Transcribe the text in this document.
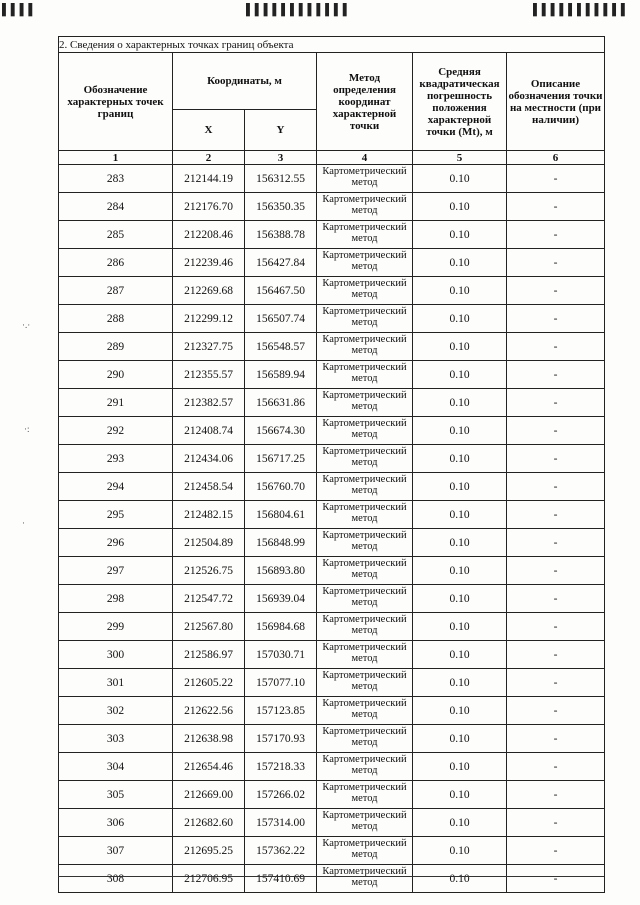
▌▌▌▌	▌▌▌▌▌▌▌▌▌▌▌▌	▌▌▌▌▌▌▌▌▌▌▌
·.·
·:
·
2. Сведения о характерных точках границ объекта					
Обозначение характерных точек границ	Координаты, м		Метод определения координат характерной точки	Средняя квадратическая погрешность положения характерной точки (Mt), м	Описание обозначения точки на местности (при наличии)
	X	Y			
1	2	3	4	5	6
283	212144.19	156312.55	Картометрический метод	0.10	-
284	212176.70	156350.35	Картометрический метод	0.10	-
285	212208.46	156388.78	Картометрический метод	0.10	-
286	212239.46	156427.84	Картометрический метод	0.10	-
287	212269.68	156467.50	Картометрический метод	0.10	-
288	212299.12	156507.74	Картометрический метод	0.10	-
289	212327.75	156548.57	Картометрический метод	0.10	-
290	212355.57	156589.94	Картометрический метод	0.10	-
291	212382.57	156631.86	Картометрический метод	0.10	-
292	212408.74	156674.30	Картометрический метод	0.10	-
293	212434.06	156717.25	Картометрический метод	0.10	-
294	212458.54	156760.70	Картометрический метод	0.10	-
295	212482.15	156804.61	Картометрический метод	0.10	-
296	212504.89	156848.99	Картометрический метод	0.10	-
297	212526.75	156893.80	Картометрический метод	0.10	-
298	212547.72	156939.04	Картометрический метод	0.10	-
299	212567.80	156984.68	Картометрический метод	0.10	-
300	212586.97	157030.71	Картометрический метод	0.10	-
301	212605.22	157077.10	Картометрический метод	0.10	-
302	212622.56	157123.85	Картометрический метод	0.10	-
303	212638.98	157170.93	Картометрический метод	0.10	-
304	212654.46	157218.33	Картометрический метод	0.10	-
305	212669.00	157266.02	Картометрический метод	0.10	-
306	212682.60	157314.00	Картометрический метод	0.10	-
307	212695.25	157362.22	Картометрический метод	0.10	-
308	212706.95	157410.69	Картометрический метод	0.10	-
